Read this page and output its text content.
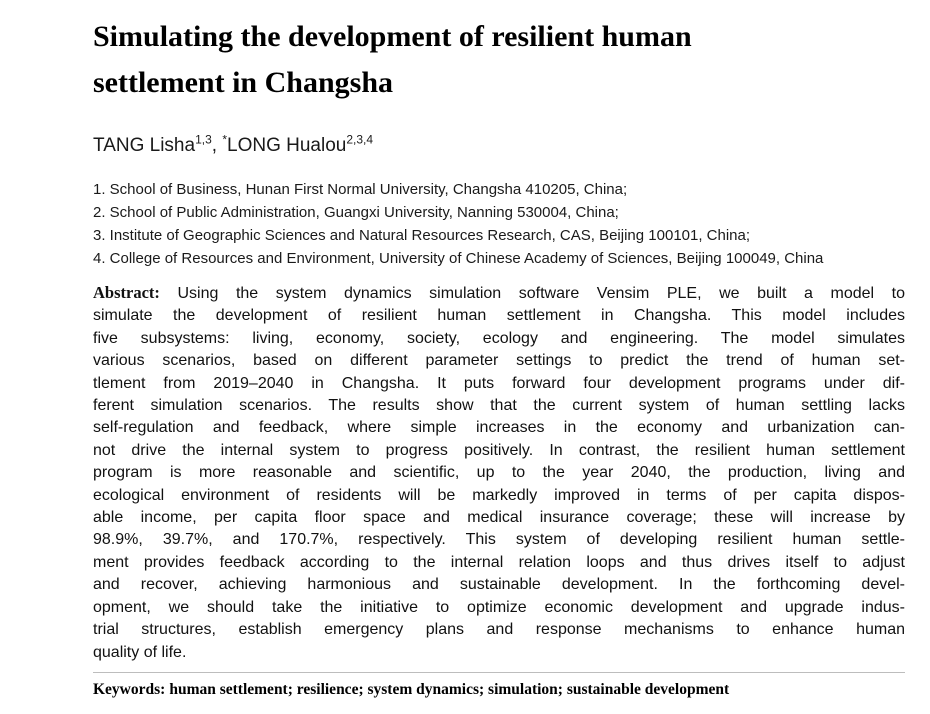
Simulating the development of resilient human
settlement in Changsha
TANG Lisha$^{1,3}$, *LONG Hualou$^{2,3,4}$
1. School of Business, Hunan First Normal University, Changsha 410205, China;
2. School of Public Administration, Guangxi University, Nanning 530004, China;
3. Institute of Geographic Sciences and Natural Resources Research, CAS, Beijing 100101, China;
4. College of Resources and Environment, University of Chinese Academy of Sciences, Beijing 100049, China
Abstract: Using the system dynamics simulation software Vensim PLE, we built a model to
simulate the development of resilient human settlement in Changsha. This model includes
five subsystems: living, economy, society, ecology and engineering. The model simulates
various scenarios, based on different parameter settings to predict the trend of human set-
tlement from 2019–2040 in Changsha. It puts forward four development programs under dif-
ferent simulation scenarios. The results show that the current system of human settling lacks
self-regulation and feedback, where simple increases in the economy and urbanization can-
not drive the internal system to progress positively. In contrast, the resilient human settlement
program is more reasonable and scientific, up to the year 2040, the production, living and
ecological environment of residents will be markedly improved in terms of per capita dispos-
able income, per capita floor space and medical insurance coverage; these will increase by
98.9%, 39.7%, and 170.7%, respectively. This system of developing resilient human settle-
ment provides feedback according to the internal relation loops and thus drives itself to adjust
and recover, achieving harmonious and sustainable development. In the forthcoming devel-
opment, we should take the initiative to optimize economic development and upgrade indus-
trial structures, establish emergency plans and response mechanisms to enhance human
quality of life.
Keywords: human settlement; resilience; system dynamics; simulation; sustainable development
